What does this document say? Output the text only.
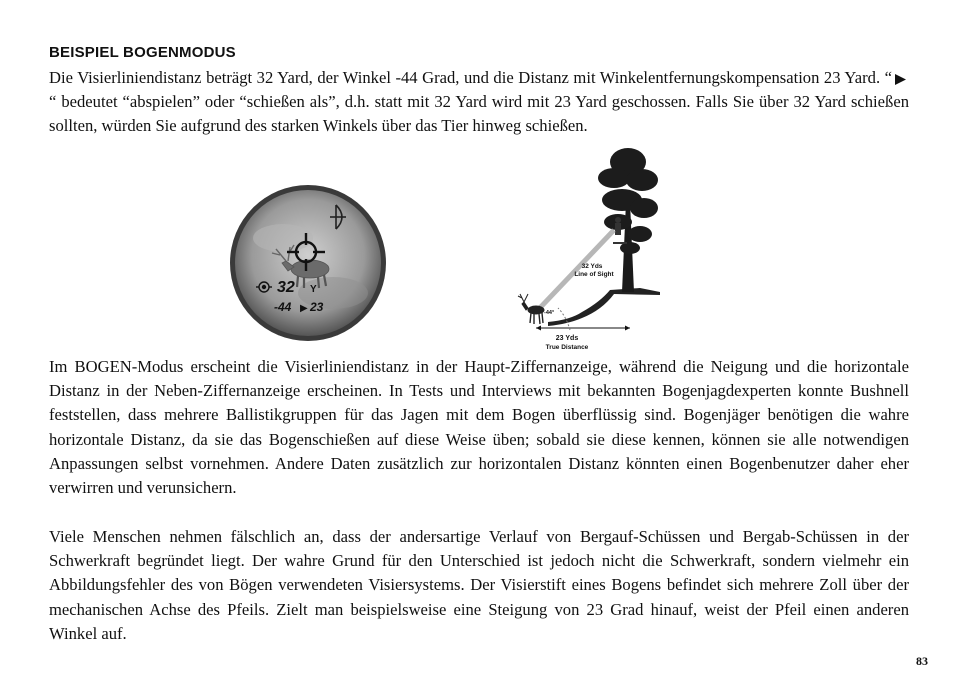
BEISPIEL BOGENMODUS

Die Visierliniendistanz beträgt 32 Yard, der Winkel -44 Grad, und die Distanz mit Winkelentfernungskompensation 23 Yard. ““ bedeutet “abspielen” oder “schießen als”, d.h. statt mit 32 Yard wird mit 23 Yard geschossen. Falls Sie über 32 Yard schießen sollten, würden Sie aufgrund des starken Winkels über das Tier hinweg schießen.

32 Y
-44 ▶ 23
32 Yds
Line of Sight
-44°
23 Yds
True Distance

Im BOGEN-Modus erscheint die Visierliniendistanz in der Haupt-Ziffernanzeige, während die Neigung und die horizontale Distanz in der Neben-Ziffernanzeige erscheinen. In Tests und Interviews mit bekannten Bogenjagdexperten konnte Bushnell feststellen, dass mehrere Ballistikgruppen für das Jagen mit dem Bogen überflüssig sind. Bogenjäger benötigen die wahre horizontale Distanz, da sie das Bogenschießen auf diese Weise üben; sobald sie diese kennen, können sie alle notwendigen Anpassungen selbst vornehmen. Andere Daten zusätzlich zur horizontalen Distanz könnten einen Bogenbenutzer daher eher verwirren und verunsichern.

Viele Menschen nehmen fälschlich an, dass der andersartige Verlauf von Bergauf-Schüssen und Bergab-Schüssen in der Schwerkraft begründet liegt. Der wahre Grund für den Unterschied ist jedoch nicht die Schwerkraft, sondern vielmehr ein Abbildungsfehler des von Bögen verwendeten Visiersystems. Der Visierstift eines Bogens befindet sich mehrere Zoll über der mechanischen Achse des Pfeils. Zielt man beispielsweise eine Steigung von 23 Grad hinauf, weist der Pfeil einen anderen Winkel auf.

83
